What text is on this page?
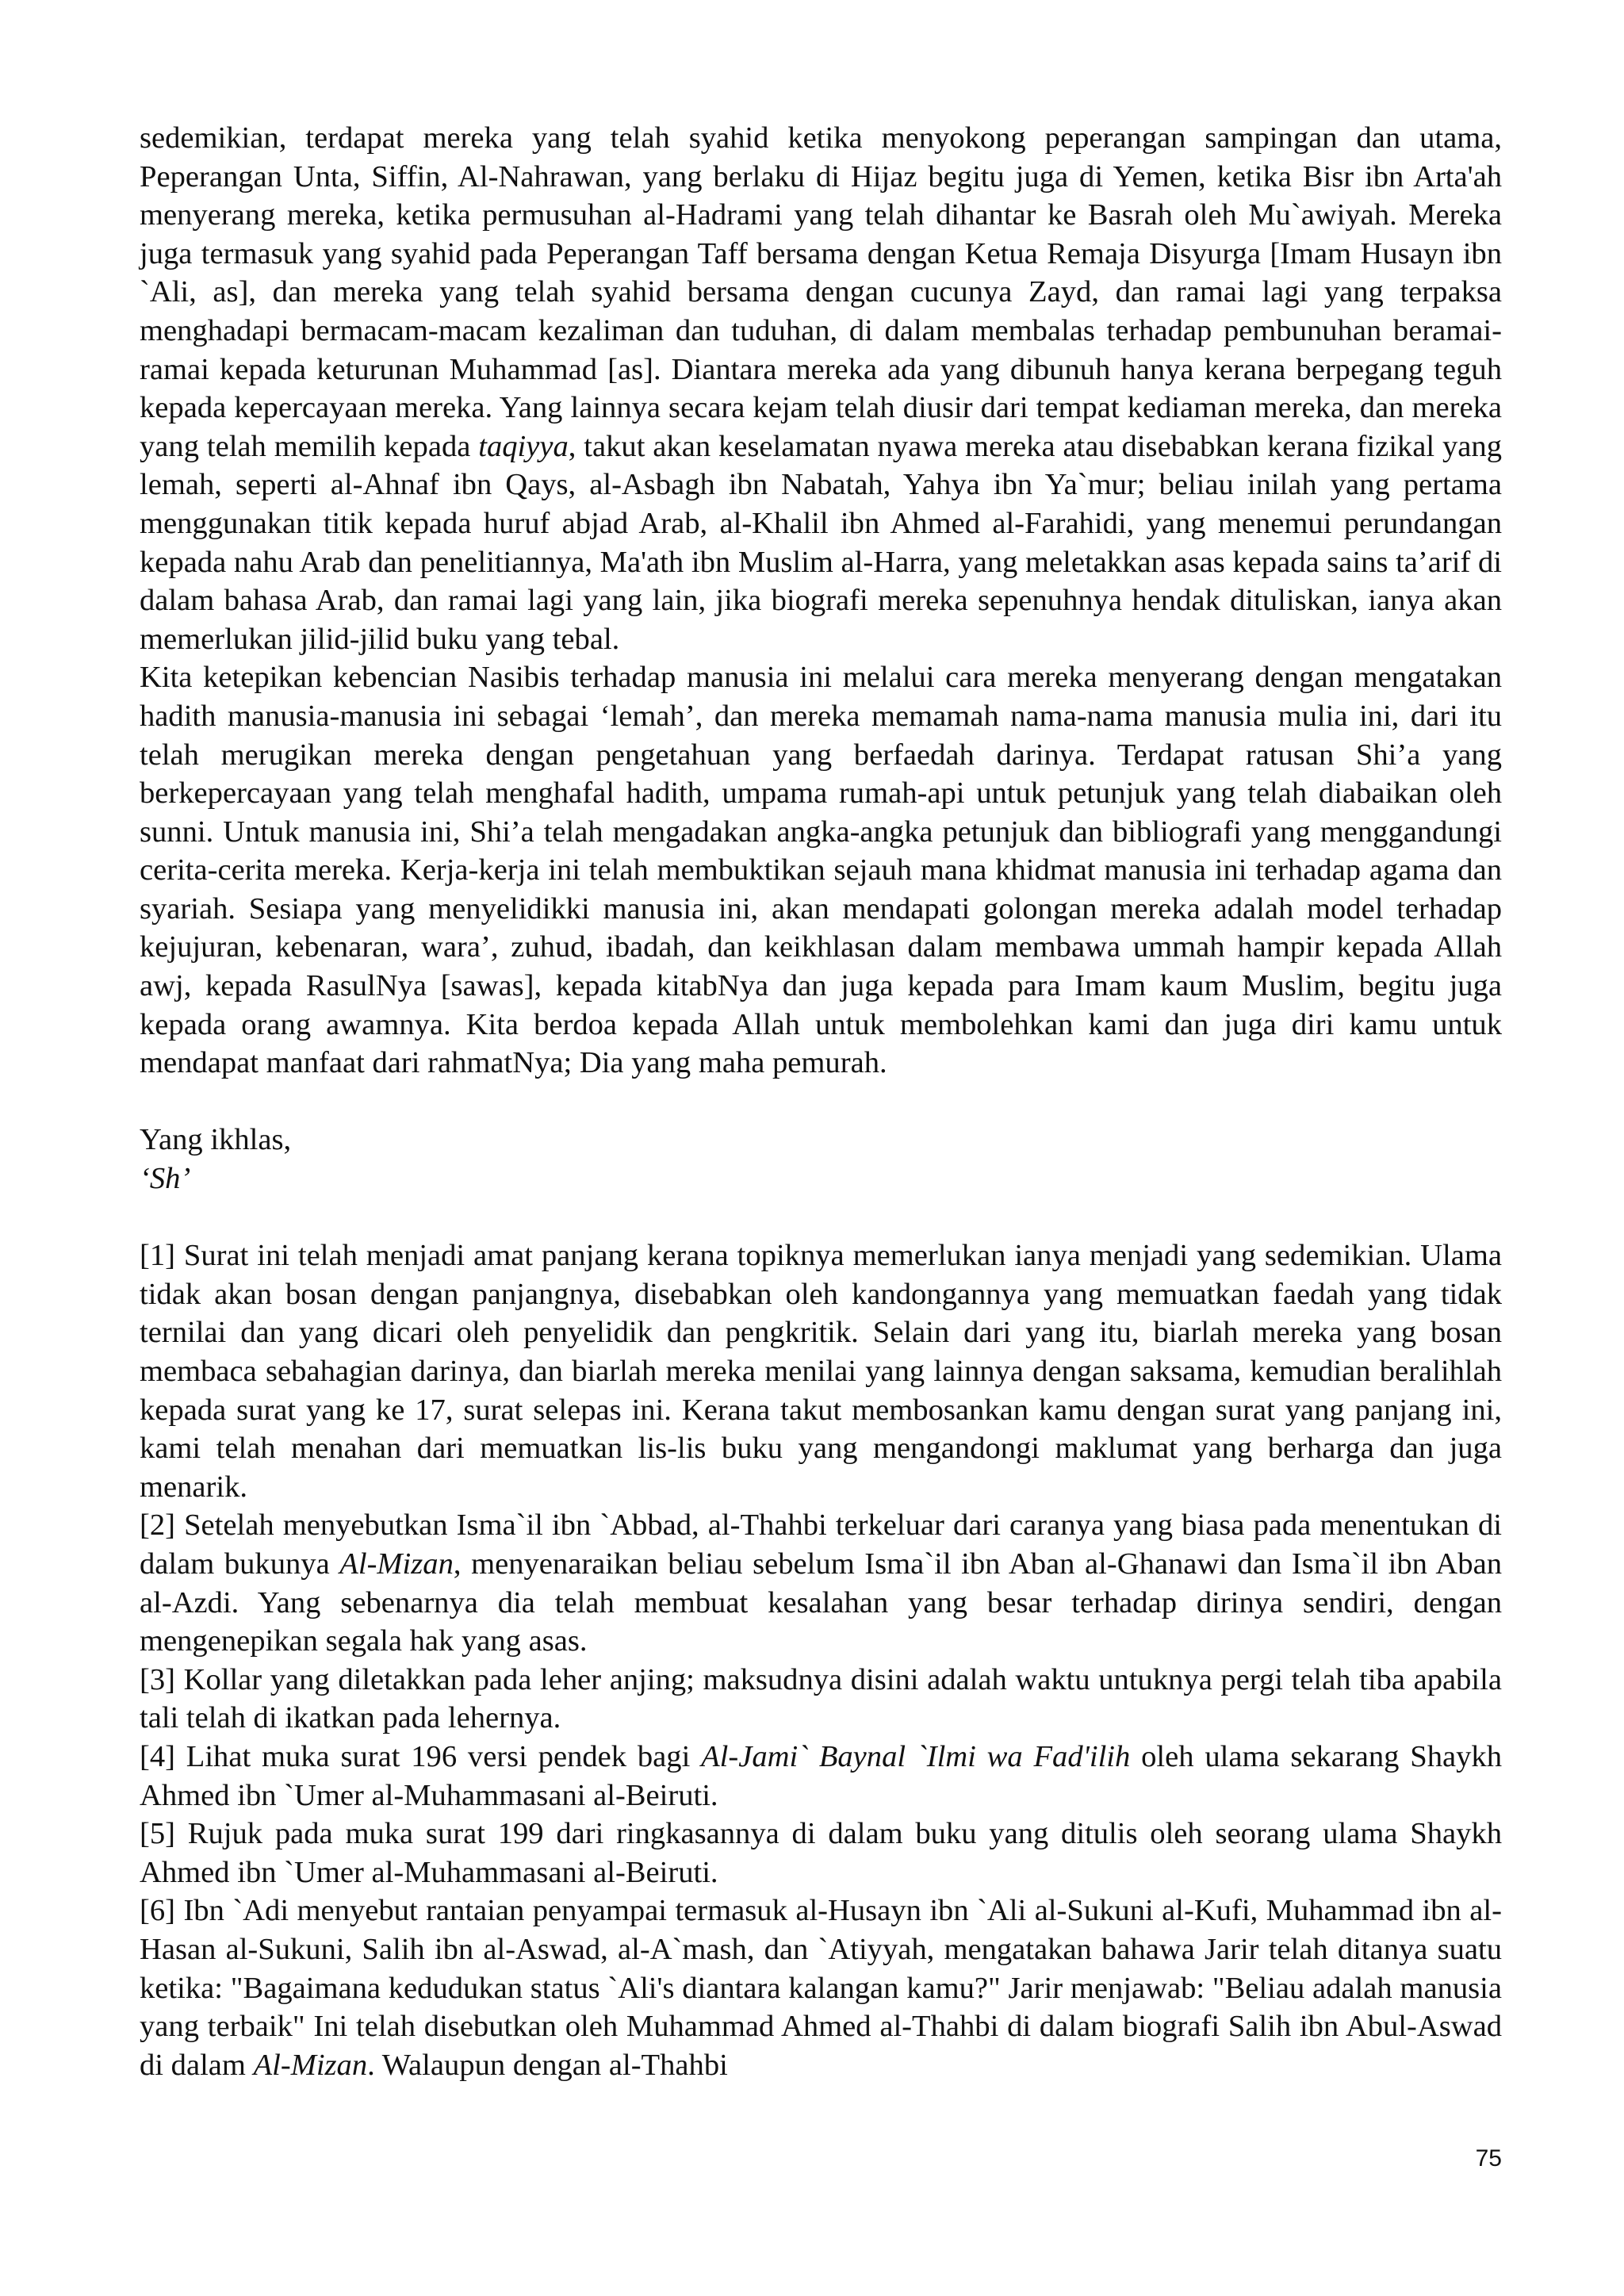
sedemikian, terdapat mereka yang telah syahid ketika menyokong peperangan sampingan dan utama, Peperangan Unta, Siffin, Al-Nahrawan, yang berlaku di Hijaz begitu juga di Yemen, ketika Bisr ibn Arta'ah menyerang mereka, ketika permusuhan al-Hadrami yang telah dihantar ke Basrah oleh Mu`awiyah. Mereka juga termasuk yang syahid pada Peperangan Taff bersama dengan Ketua Remaja Disyurga [Imam Husayn ibn `Ali, as], dan mereka yang telah syahid bersama dengan cucunya Zayd, dan ramai lagi yang terpaksa menghadapi bermacam-macam kezaliman dan tuduhan, di dalam membalas terhadap pembunuhan beramai-ramai kepada keturunan Muhammad [as]. Diantara mereka ada yang dibunuh hanya kerana berpegang teguh kepada kepercayaan mereka. Yang lainnya secara kejam telah diusir dari tempat kediaman mereka, dan mereka yang telah memilih kepada taqiyya, takut akan keselamatan nyawa mereka atau disebabkan kerana fizikal yang lemah, seperti al-Ahnaf ibn Qays, al-Asbagh ibn Nabatah, Yahya ibn Ya`mur; beliau inilah yang pertama menggunakan titik kepada huruf abjad Arab, al-Khalil ibn Ahmed al-Farahidi, yang menemui perundangan kepada nahu Arab dan penelitiannya, Ma'ath ibn Muslim al-Harra, yang meletakkan asas kepada sains ta’arif di dalam bahasa Arab, dan ramai lagi yang lain, jika biografi mereka sepenuhnya hendak dituliskan, ianya akan memerlukan jilid-jilid buku yang tebal.

Kita ketepikan kebencian Nasibis terhadap manusia ini melalui cara mereka menyerang dengan mengatakan hadith manusia-manusia ini sebagai ‘lemah’, dan mereka memamah nama-nama manusia mulia ini, dari itu telah merugikan mereka dengan pengetahuan yang berfaedah darinya. Terdapat ratusan Shi’a yang berkepercayaan yang telah menghafal hadith, umpama rumah-api untuk petunjuk yang telah diabaikan oleh sunni. Untuk manusia ini, Shi’a telah mengadakan angka-angka petunjuk dan bibliografi yang menggandungi cerita-cerita mereka. Kerja-kerja ini telah membuktikan sejauh mana khidmat manusia ini terhadap agama dan syariah. Sesiapa yang menyelidikki manusia ini, akan mendapati golongan mereka adalah model terhadap kejujuran, kebenaran, wara’, zuhud, ibadah, dan keikhlasan dalam membawa ummah hampir kepada Allah awj, kepada RasulNya [sawas], kepada kitabNya dan juga kepada para Imam kaum Muslim, begitu juga kepada orang awamnya. Kita berdoa kepada Allah untuk membolehkan kami dan juga diri kamu untuk mendapat manfaat dari rahmatNya; Dia yang maha pemurah.

Yang ikhlas,

‘Sh’

[1] Surat ini telah menjadi amat panjang kerana topiknya memerlukan ianya menjadi yang sedemikian. Ulama tidak akan bosan dengan panjangnya, disebabkan oleh kandongannya yang memuatkan faedah yang tidak ternilai dan yang dicari oleh penyelidik dan pengkritik. Selain dari yang itu, biarlah mereka yang bosan membaca sebahagian darinya, dan biarlah mereka menilai yang lainnya dengan saksama, kemudian beralihlah kepada surat yang ke 17, surat selepas ini. Kerana takut membosankan kamu dengan surat yang panjang ini, kami telah menahan dari memuatkan lis-lis buku yang mengandongi maklumat yang berharga dan juga menarik.

[2] Setelah menyebutkan Isma`il ibn `Abbad, al-Thahbi terkeluar dari caranya yang biasa pada menentukan di dalam bukunya Al-Mizan, menyenaraikan beliau sebelum Isma`il ibn Aban al-Ghanawi dan Isma`il ibn Aban al-Azdi. Yang sebenarnya dia telah membuat kesalahan yang besar terhadap dirinya sendiri, dengan mengenepikan segala hak yang asas.

[3] Kollar yang diletakkan pada leher anjing; maksudnya disini adalah waktu untuknya pergi telah tiba apabila tali telah di ikatkan pada lehernya.

[4] Lihat muka surat 196 versi pendek bagi Al-Jami` Baynal `Ilmi wa Fad'ilih oleh ulama sekarang Shaykh Ahmed ibn `Umer al-Muhammasani al-Beiruti.

[5] Rujuk pada muka surat 199 dari ringkasannya di dalam buku yang ditulis oleh seorang ulama Shaykh Ahmed ibn `Umer al-Muhammasani al-Beiruti.

[6] Ibn `Adi menyebut rantaian penyampai termasuk al-Husayn ibn `Ali al-Sukuni al-Kufi, Muhammad ibn al-Hasan al-Sukuni, Salih ibn al-Aswad, al-A`mash, dan `Atiyyah, mengatakan bahawa Jarir telah ditanya suatu ketika: "Bagaimana kedudukan status `Ali's diantara kalangan kamu?" Jarir menjawab: "Beliau adalah manusia yang terbaik" Ini telah disebutkan oleh Muhammad Ahmed al-Thahbi di dalam biografi Salih ibn Abul-Aswad di dalam Al-Mizan. Walaupun dengan al-Thahbi

75
